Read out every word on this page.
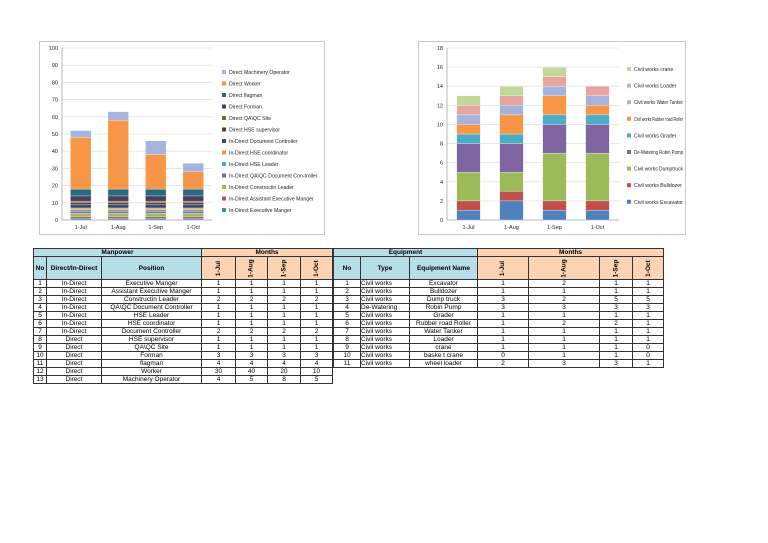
0
10
20
30
40
50
60
70
80
90
100
1-Jul	1-Aug	1-Sep	1-Oct
Direct Machinery Operator
Direct Worker
Direct flagman
Direct Forman
Direct QA\QC Site
Direct HSE supervisor
In-Direct Document Controller
In-Direct HSE coordinator
In-Direct HSE Leader
In-Direct QA\QC Document Con-troller
In-Direct Constructin Leader
In-Direct Assistant Executive Manger
In-Direct Executive Manger
0
2
4
6
8
10
12
14
16
18
1-Jul	1-Aug	1-Sep	1-Oct
Civil works crane
Civil works Loader
Civil works Water Tanker
Civil works Rubber road Roller
Civil works Grader
De-Watering Robin Pump
Civil works Dumptruck
Civil works Bulldozer
Civil works Excavator
Manpower			Months			
No	Direct/In-Direct	Position	1-Jul	1-Aug	1-Sep	1-Oct
1	In-Direct	Executive Manger	1	1	1	1
2	In-Direct	Assistant Executive Manger	1	1	1	1
3	In-Direct	Constructin Leader	2	2	2	2
4	In-Direct	QA\QC Document Controller	1	1	1	1
5	In-Direct	HSE Leader	1	1	1	1
6	In-Direct	HSE coordinator	1	1	1	1
7	In-Direct	Document Controller	2	2	2	2
8	Direct	HSE supervisor	1	1	1	1
9	Direct	QA\QC Site	1	1	1	1
10	Direct	Forman	3	3	3	3
11	Direct	flagman	4	4	4	4
12	Direct	Worker	30	40	20	10
13	Direct	Machinery Operator	4	5	8	5
Equipment			Months			
No	Type	Equipment Name	1-Jul	1-Aug	1-Sep	1-Oct
1	Civil works	Excavator	1	2	1	1
2	Civil works	Bulldozer	1	1	1	1
3	Civil works	Dump truck	3	2	5	5
4	De-Watering	Robin Pump	3	3	3	3
5	Civil works	Grader	1	1	1	1
6	Civil works	Rubber road Roller	1	2	2	1
7	Civil works	Water Tanker	1	1	1	1
8	Civil works	Loader	1	1	1	1
9	Civil works	crane	1	1	1	0
10	Civil works	baske t crane	0	1	1	0
11	Civil works	wheel loader	2	3	3	1
